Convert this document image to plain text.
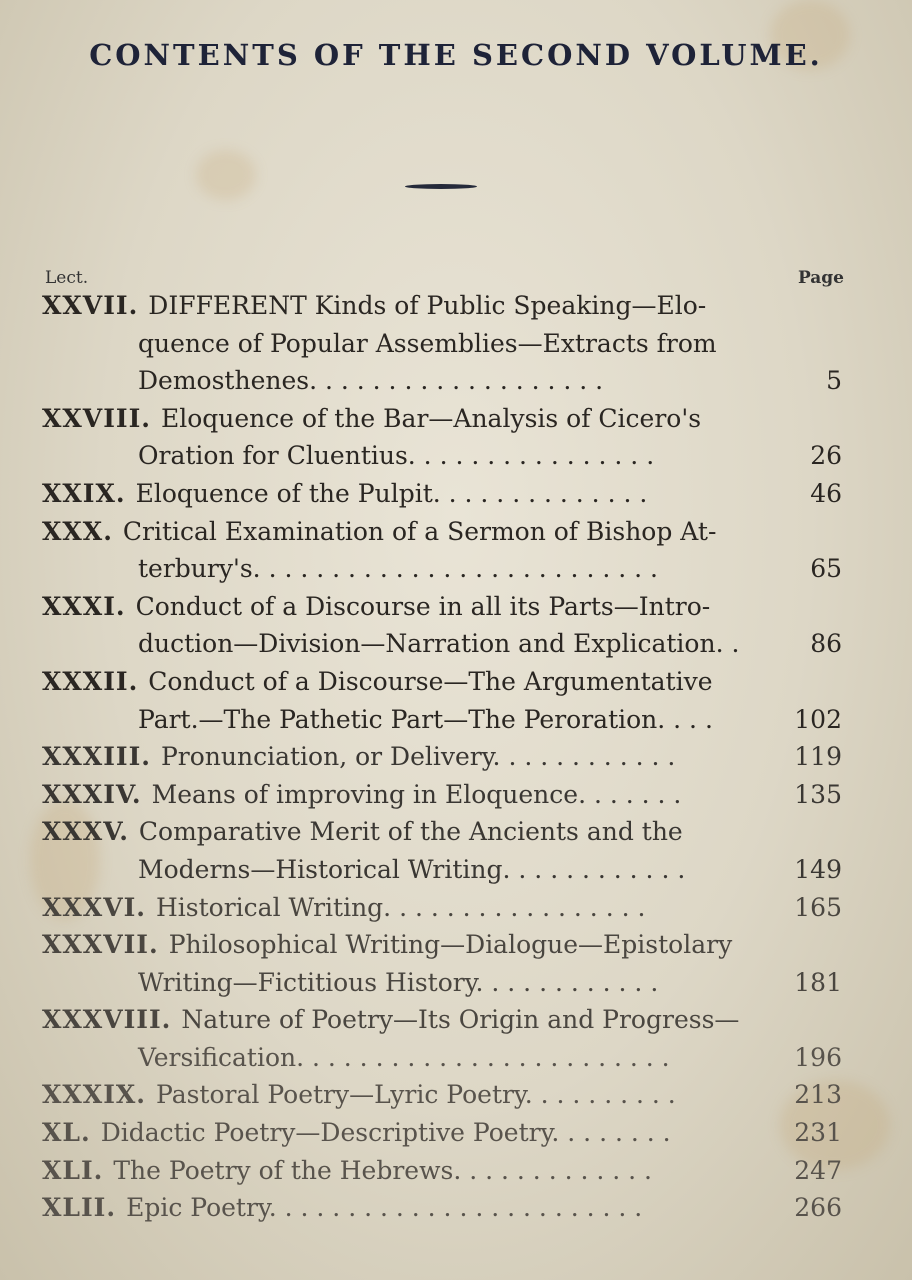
CONTENTS OF THE SECOND VOLUME.
Lect.	Page
XXVII. DIFFERENT Kinds of Public Speaking—Elo-
quence of Popular Assemblies—Extracts from
Demosthenes. . . . . . . . . . . . . . . . . . .	5
XXVIII. Eloquence of the Bar—Analysis of Cicero's
Oration for Cluentius. . . . . . . . . . . . . . . .	26
XXIX. Eloquence of the Pulpit. . . . . . . . . . . . . .	46
XXX. Critical Examination of a Sermon of Bishop At-
terbury's. . . . . . . . . . . . . . . . . . . . . . . . . .	65
XXXI. Conduct of a Discourse in all its Parts—Intro-
duction—Division—Narration and Explication. .	86
XXXII. Conduct of a Discourse—The Argumentative
Part.—The Pathetic Part—The Peroration. . . .	102
XXXIII. Pronunciation, or Delivery. . . . . . . . . . . .	119
XXXIV. Means of improving in Eloquence. . . . . . .	135
XXXV. Comparative Merit of the Ancients and the
Moderns—Historical Writing. . . . . . . . . . . .	149
XXXVI. Historical Writing. . . . . . . . . . . . . . . . .	165
XXXVII. Philosophical Writing—Dialogue—Epistolary
Writing—Fictitious History. . . . . . . . . . . .	181
XXXVIII. Nature of Poetry—Its Origin and Progress—
Versification. . . . . . . . . . . . . . . . . . . . . . . .	196
XXXIX. Pastoral Poetry—Lyric Poetry. . . . . . . . . .	213
XL. Didactic Poetry—Descriptive Poetry. . . . . . . .	231
XLI. The Poetry of the Hebrews. . . . . . . . . . . . .	247
XLII. Epic Poetry. . . . . . . . . . . . . . . . . . . . . . . .	266
